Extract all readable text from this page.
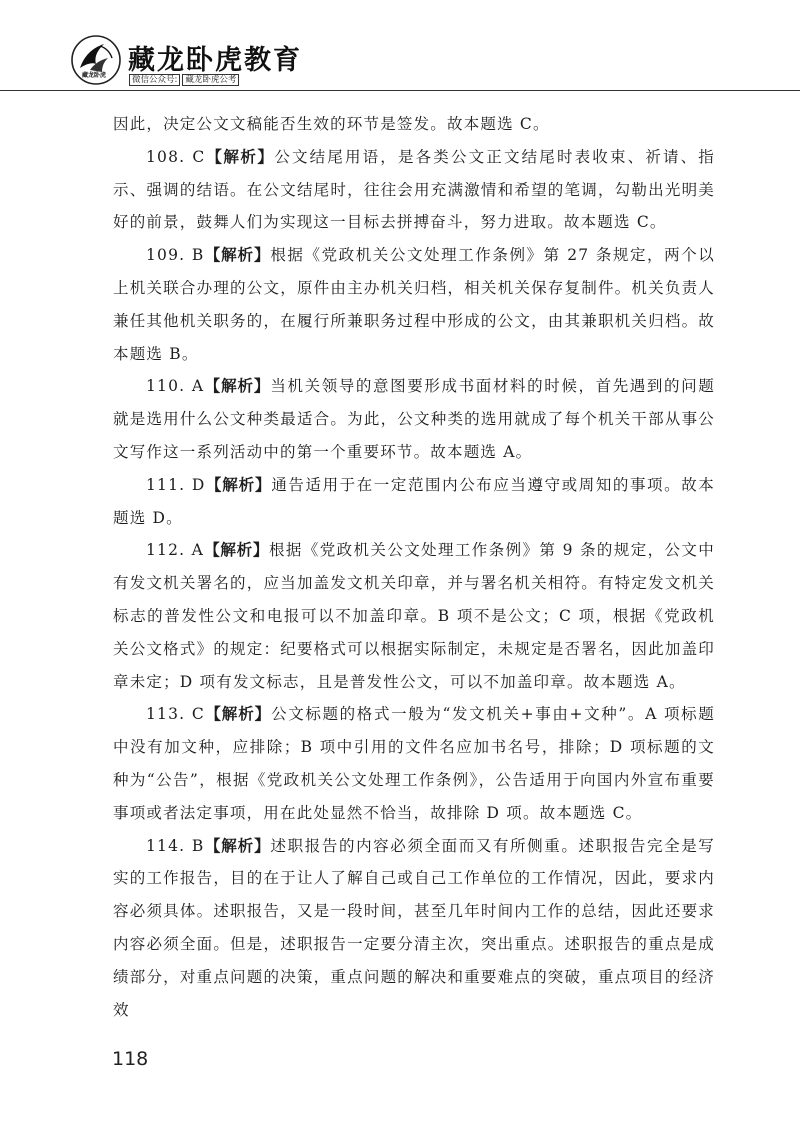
藏龙卧虎 藏龙卧虎教育
微信公众号: 藏龙卧虎公考

因此，决定公文文稿能否生效的环节是签发。故本题选 C。

108. C【解析】公文结尾用语，是各类公文正文结尾时表收束、祈请、指示、强调的结语。在公文结尾时，往往会用充满激情和希望的笔调，勾勒出光明美好的前景，鼓舞人们为实现这一目标去拼搏奋斗，努力进取。故本题选 C。

109. B【解析】根据《党政机关公文处理工作条例》第 27 条规定，两个以上机关联合办理的公文，原件由主办机关归档，相关机关保存复制件。机关负责人兼任其他机关职务的，在履行所兼职务过程中形成的公文，由其兼职机关归档。故本题选 B。

110. A【解析】当机关领导的意图要形成书面材料的时候，首先遇到的问题就是选用什么公文种类最适合。为此，公文种类的选用就成了每个机关干部从事公文写作这一系列活动中的第一个重要环节。故本题选 A。

111. D【解析】通告适用于在一定范围内公布应当遵守或周知的事项。故本题选 D。

112. A【解析】根据《党政机关公文处理工作条例》第 9 条的规定，公文中有发文机关署名的，应当加盖发文机关印章，并与署名机关相符。有特定发文机关标志的普发性公文和电报可以不加盖印章。B 项不是公文；C 项，根据《党政机关公文格式》的规定：纪要格式可以根据实际制定，未规定是否署名，因此加盖印章未定；D 项有发文标志，且是普发性公文，可以不加盖印章。故本题选 A。

113. C【解析】公文标题的格式一般为“发文机关+事由+文种”。A 项标题中没有加文种，应排除；B 项中引用的文件名应加书名号，排除；D 项标题的文种为“公告”，根据《党政机关公文处理工作条例》，公告适用于向国内外宣布重要事项或者法定事项，用在此处显然不恰当，故排除 D 项。故本题选 C。

114. B【解析】述职报告的内容必须全面而又有所侧重。述职报告完全是写实的工作报告，目的在于让人了解自己或自己工作单位的工作情况，因此，要求内容必须具体。述职报告，又是一段时间，甚至几年时间内工作的总结，因此还要求内容必须全面。但是，述职报告一定要分清主次，突出重点。述职报告的重点是成绩部分，对重点问题的决策，重点问题的解决和重要难点的突破，重点项目的经济效

118
